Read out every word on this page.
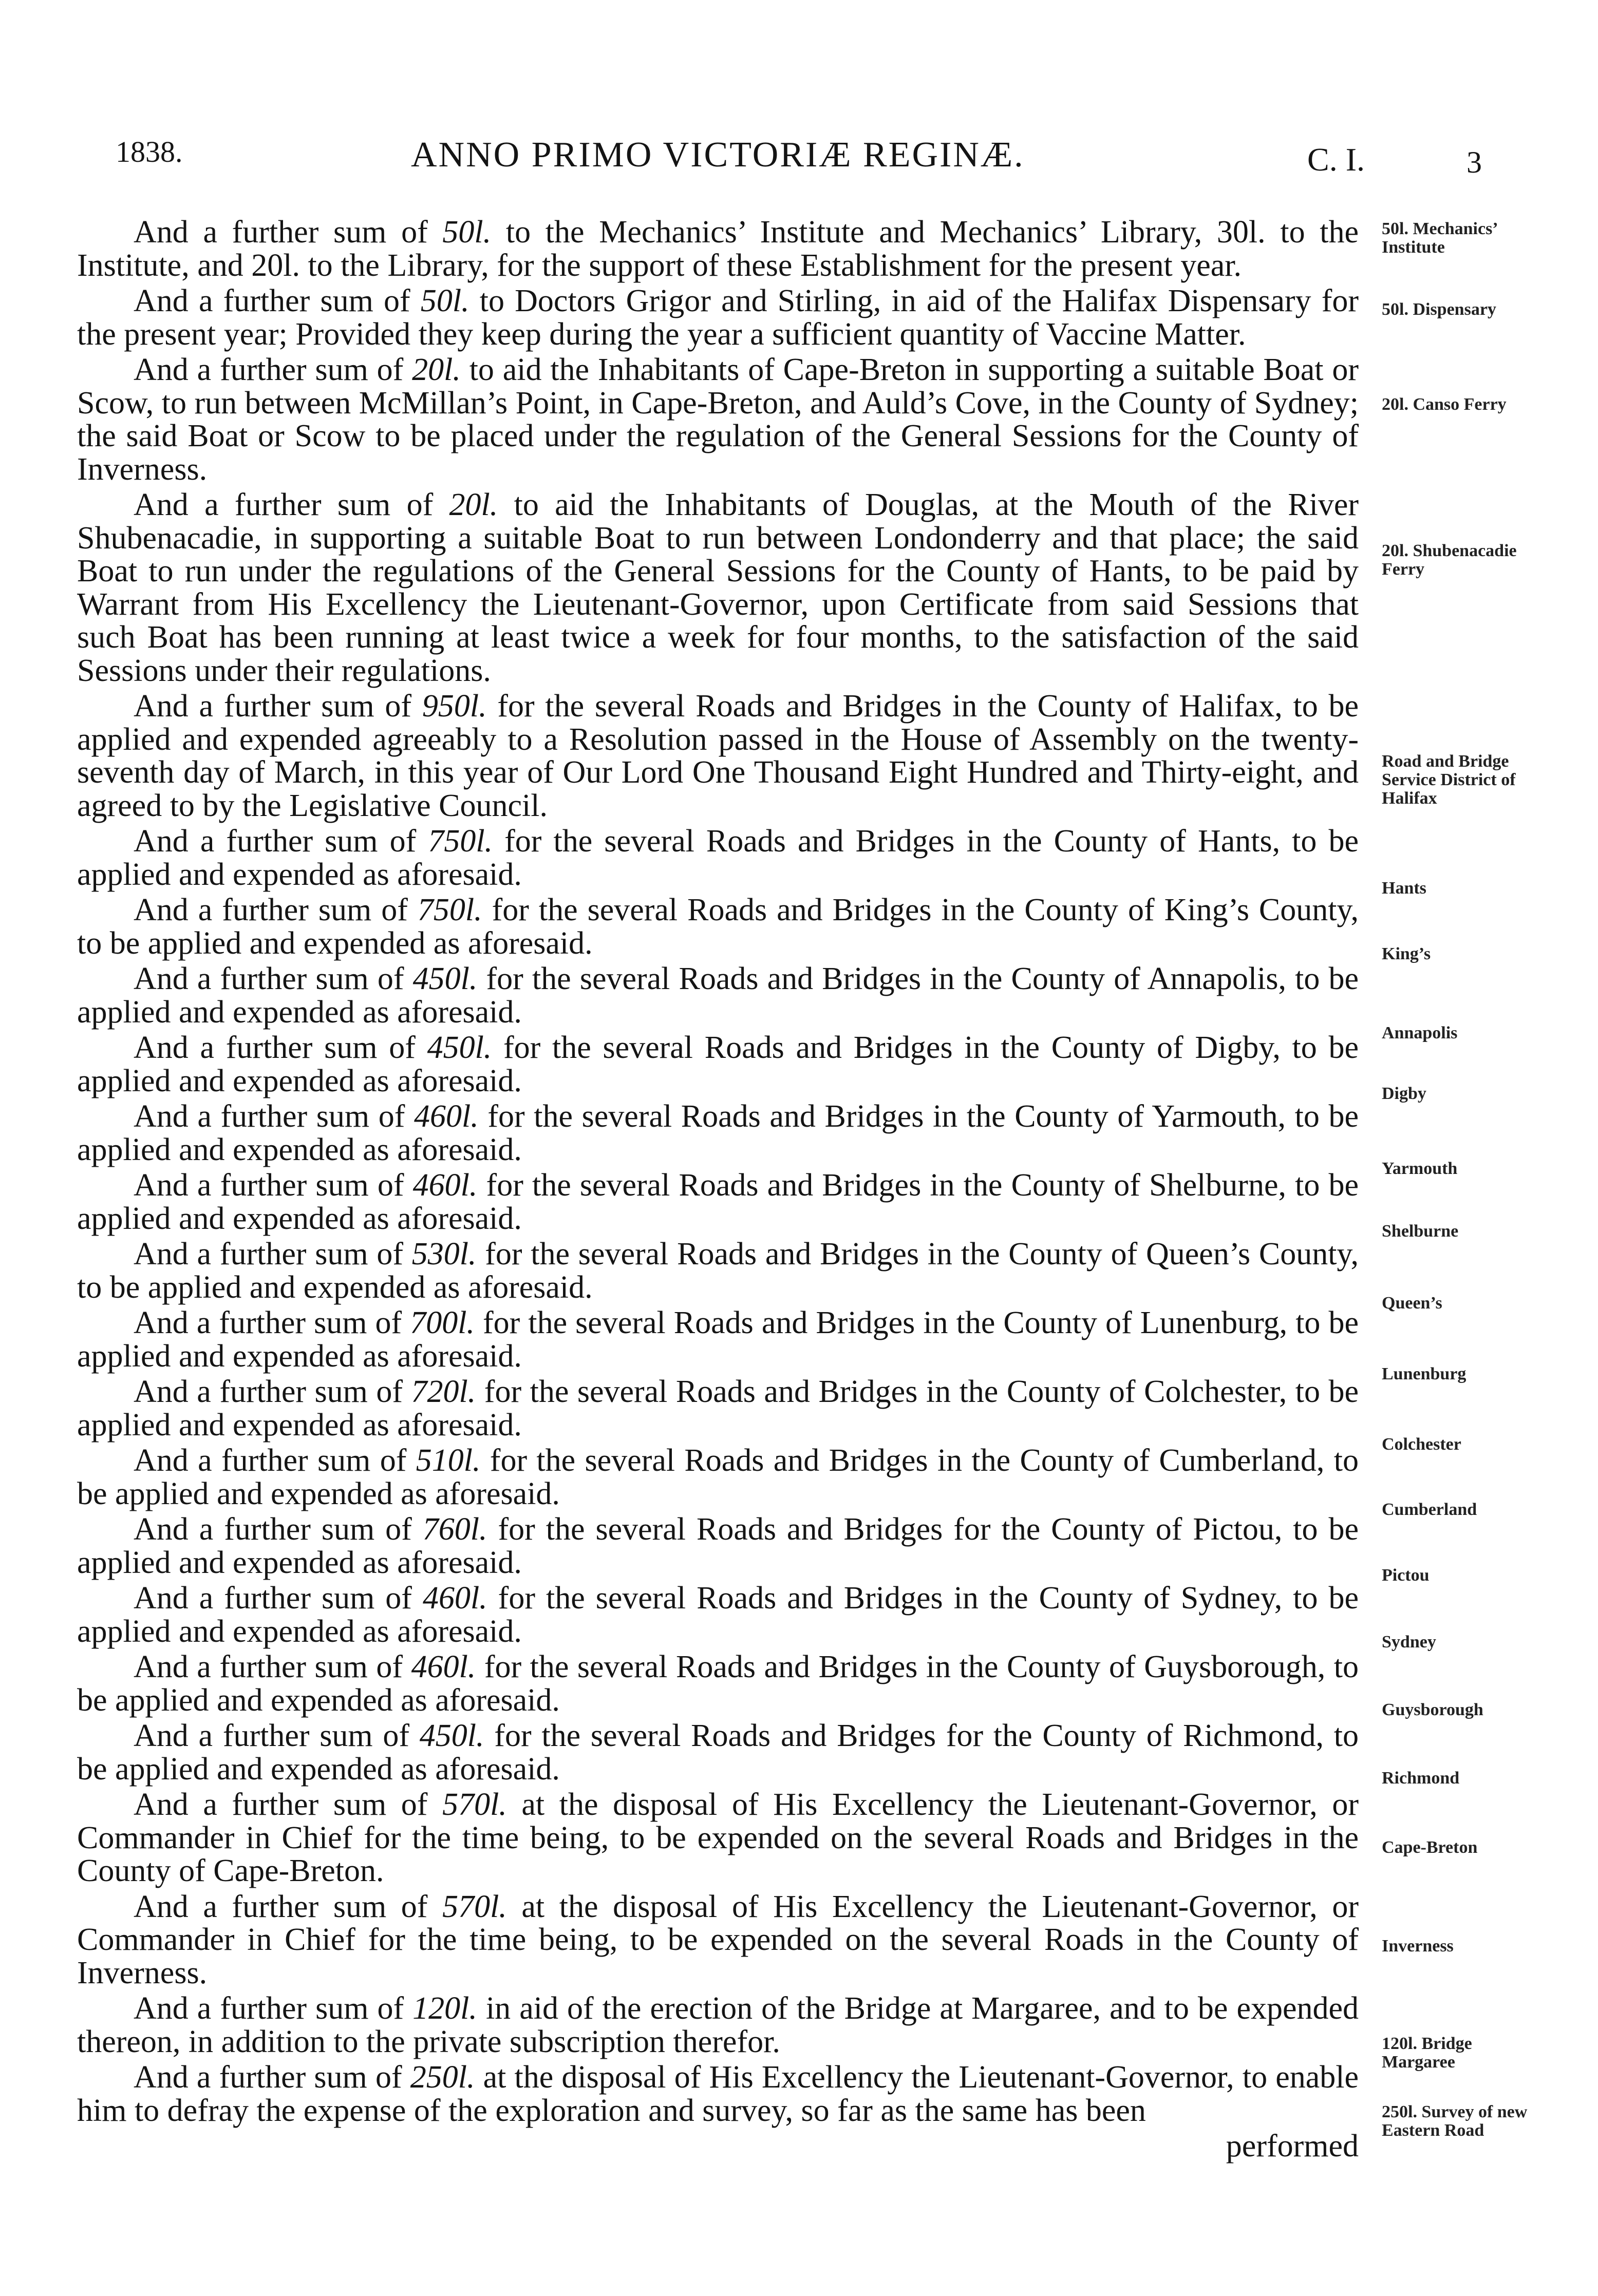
1838.	ANNO PRIMO VICTORIÆ REGINÆ.	C. I.	3

And a further sum of 50l. to the Mechanics’ Institute and Mechanics’ Library, 30l. to the Institute, and 20l. to the Library, for the support of these Establishment for the present year.

And a further sum of 50l. to Doctors Grigor and Stirling, in aid of the Halifax Dispensary for the present year; Provided they keep during the year a sufficient quantity of Vaccine Matter.

And a further sum of 20l. to aid the Inhabitants of Cape-Breton in supporting a suitable Boat or Scow, to run between McMillan’s Point, in Cape-Breton, and Auld’s Cove, in the County of Sydney; the said Boat or Scow to be placed under the regulation of the General Sessions for the County of Inverness.

And a further sum of 20l. to aid the Inhabitants of Douglas, at the Mouth of the River Shubenacadie, in supporting a suitable Boat to run between Londonderry and that place; the said Boat to run under the regulations of the General Sessions for the County of Hants, to be paid by Warrant from His Excellency the Lieutenant-Governor, upon Certificate from said Sessions that such Boat has been running at least twice a week for four months, to the satisfaction of the said Sessions under their regulations.

And a further sum of 950l. for the several Roads and Bridges in the County of Halifax, to be applied and expended agreeably to a Resolution passed in the House of Assembly on the twenty-seventh day of March, in this year of Our Lord One Thousand Eight Hundred and Thirty-eight, and agreed to by the Legislative Council.

And a further sum of 750l. for the several Roads and Bridges in the County of Hants, to be applied and expended as aforesaid.

And a further sum of 750l. for the several Roads and Bridges in the County of King’s County, to be applied and expended as aforesaid.

And a further sum of 450l. for the several Roads and Bridges in the County of Annapolis, to be applied and expended as aforesaid.

And a further sum of 450l. for the several Roads and Bridges in the County of Digby, to be applied and expended as aforesaid.

And a further sum of 460l. for the several Roads and Bridges in the County of Yarmouth, to be applied and expended as aforesaid.

And a further sum of 460l. for the several Roads and Bridges in the County of Shelburne, to be applied and expended as aforesaid.

And a further sum of 530l. for the several Roads and Bridges in the County of Queen’s County, to be applied and expended as aforesaid.

And a further sum of 700l. for the several Roads and Bridges in the County of Lunenburg, to be applied and expended as aforesaid.

And a further sum of 720l. for the several Roads and Bridges in the County of Colchester, to be applied and expended as aforesaid.

And a further sum of 510l. for the several Roads and Bridges in the County of Cumberland, to be applied and expended as aforesaid.

And a further sum of 760l. for the several Roads and Bridges for the County of Pictou, to be applied and expended as aforesaid.

And a further sum of 460l. for the several Roads and Bridges in the County of Sydney, to be applied and expended as aforesaid.

And a further sum of 460l. for the several Roads and Bridges in the County of Guysborough, to be applied and expended as aforesaid.

And a further sum of 450l. for the several Roads and Bridges for the County of Richmond, to be applied and expended as aforesaid.

And a further sum of 570l. at the disposal of His Excellency the Lieutenant-Governor, or Commander in Chief for the time being, to be expended on the several Roads and Bridges in the County of Cape-Breton.

And a further sum of 570l. at the disposal of His Excellency the Lieutenant-Governor, or Commander in Chief for the time being, to be expended on the several Roads in the County of Inverness.

And a further sum of 120l. in aid of the erection of the Bridge at Margaree, and to be expended thereon, in addition to the private subscription therefor.

And a further sum of 250l. at the disposal of His Excellency the Lieutenant-Governor, to enable him to defray the expense of the exploration and survey, so far as the same has been

performed

50l. Mechanics’ Institute
50l. Dispensary
20l. Canso Ferry
20l. Shubenacadie Ferry
Road and Bridge Service District of Halifax
Hants
King’s
Annapolis
Digby
Yarmouth
Shelburne
Queen’s
Lunenburg
Colchester
Cumberland
Pictou
Sydney
Guysborough
Richmond
Cape-Breton
Inverness
120l. Bridge Margaree
250l. Survey of new Eastern Road
